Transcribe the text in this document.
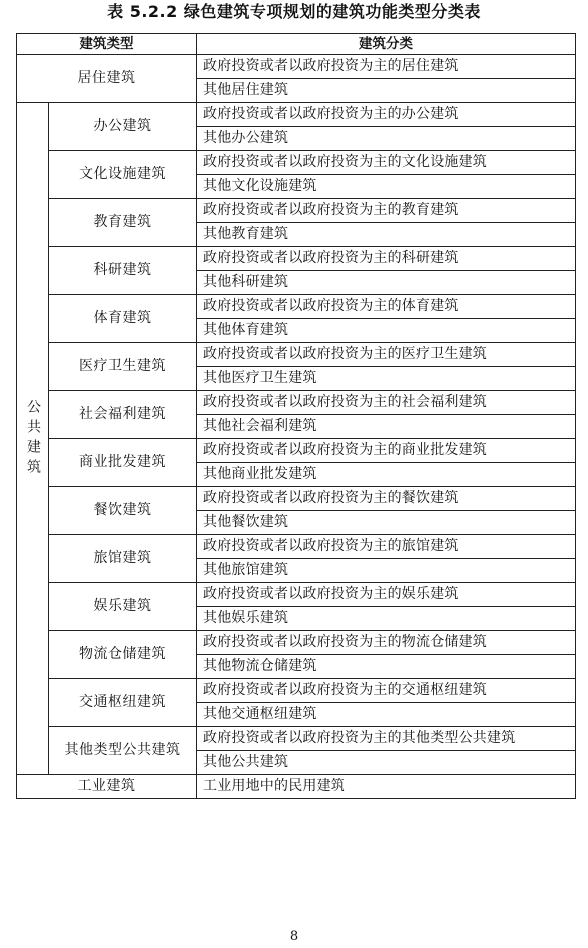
表 5.2.2 绿色建筑专项规划的建筑功能类型分类表
建筑类型		建筑分类
居住建筑		政府投资或者以政府投资为主的居住建筑
		其他居住建筑

公共建筑	办公建筑	政府投资或者以政府投资为主的办公建筑
		其他办公建筑
	文化设施建筑	政府投资或者以政府投资为主的文化设施建筑
		其他文化设施建筑
	教育建筑	政府投资或者以政府投资为主的教育建筑
		其他教育建筑
	科研建筑	政府投资或者以政府投资为主的科研建筑
		其他科研建筑
	体育建筑	政府投资或者以政府投资为主的体育建筑
		其他体育建筑
	医疗卫生建筑	政府投资或者以政府投资为主的医疗卫生建筑
		其他医疗卫生建筑
	社会福利建筑	政府投资或者以政府投资为主的社会福利建筑
		其他社会福利建筑
	商业批发建筑	政府投资或者以政府投资为主的商业批发建筑
		其他商业批发建筑
	餐饮建筑	政府投资或者以政府投资为主的餐饮建筑
		其他餐饮建筑
	旅馆建筑	政府投资或者以政府投资为主的旅馆建筑
		其他旅馆建筑
	娱乐建筑	政府投资或者以政府投资为主的娱乐建筑
		其他娱乐建筑
	物流仓储建筑	政府投资或者以政府投资为主的物流仓储建筑
		其他物流仓储建筑
	交通枢纽建筑	政府投资或者以政府投资为主的交通枢纽建筑
		其他交通枢纽建筑
	其他类型公共建筑	政府投资或者以政府投资为主的其他类型公共建筑
		其他公共建筑
工业建筑		工业用地中的民用建筑
8
